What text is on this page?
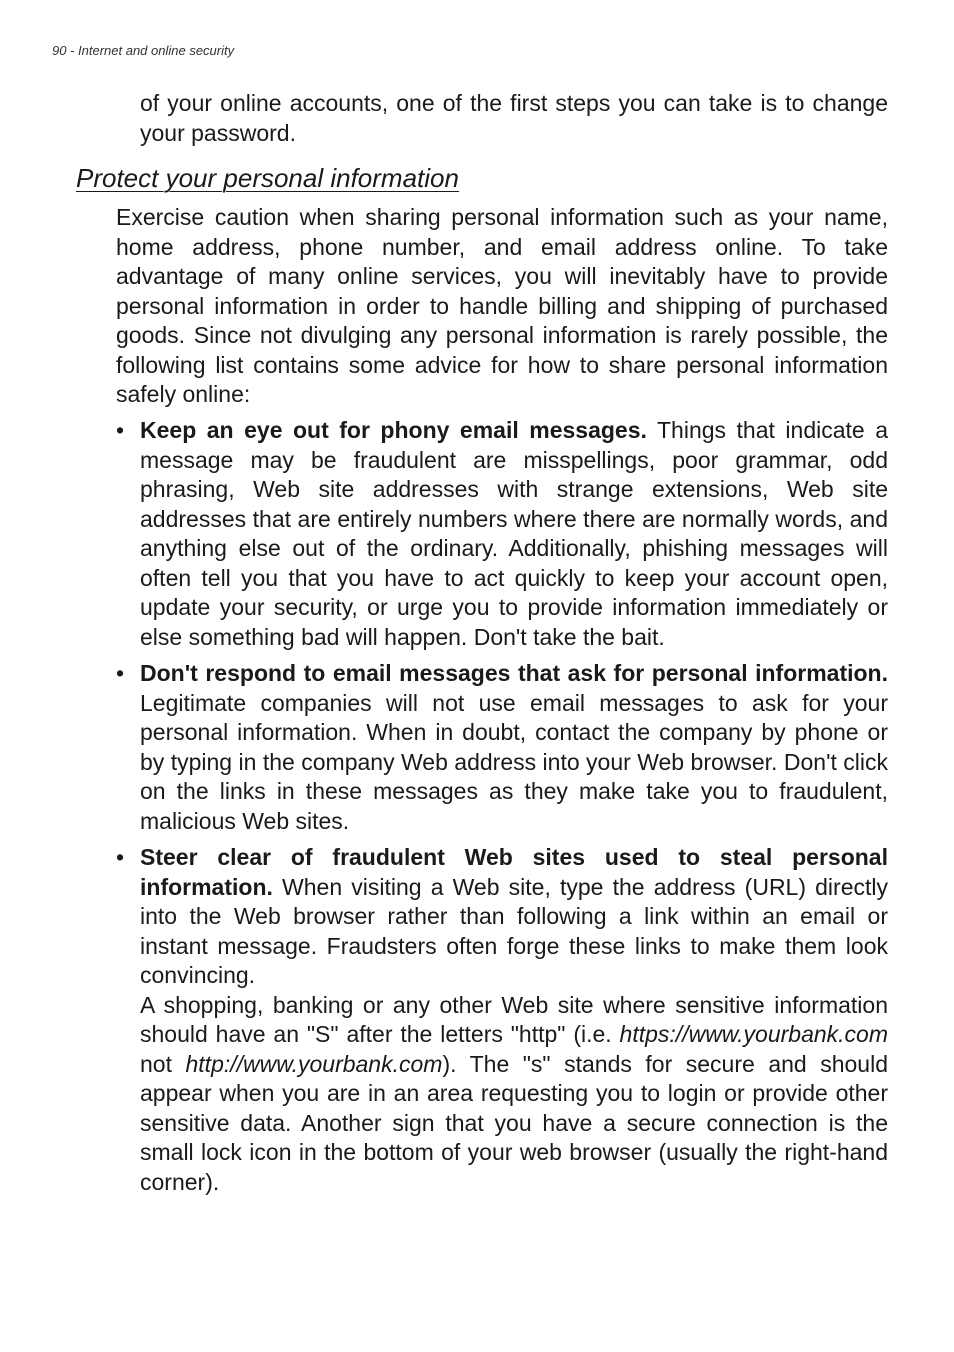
90 - Internet and online security

of your online accounts, one of the first steps you can take is to change your password.

Protect your personal information

Exercise caution when sharing personal information such as your name, home address, phone number, and email address online. To take advantage of many online services, you will inevitably have to provide personal information in order to handle billing and shipping of purchased goods. Since not divulging any personal information is rarely possible, the following list contains some advice for how to share personal information safely online:

• Keep an eye out for phony email messages. Things that indicate a message may be fraudulent are misspellings, poor grammar, odd phrasing, Web site addresses with strange extensions, Web site addresses that are entirely numbers where there are normally words, and anything else out of the ordinary. Additionally, phishing messages will often tell you that you have to act quickly to keep your account open, update your security, or urge you to provide information immediately or else something bad will happen. Don't take the bait.
• Don't respond to email messages that ask for personal information. Legitimate companies will not use email messages to ask for your personal information. When in doubt, contact the company by phone or by typing in the company Web address into your Web browser. Don't click on the links in these messages as they make take you to fraudulent, malicious Web sites.
• Steer clear of fraudulent Web sites used to steal personal information. When visiting a Web site, type the address (URL) directly into the Web browser rather than following a link within an email or instant message. Fraudsters often forge these links to make them look convincing.
A shopping, banking or any other Web site where sensitive information should have an "S" after the letters "http" (i.e. https://www.yourbank.com not http://www.yourbank.com). The "s" stands for secure and should appear when you are in an area requesting you to login or provide other sensitive data. Another sign that you have a secure connection is the small lock icon in the bottom of your web browser (usually the right-hand corner).
